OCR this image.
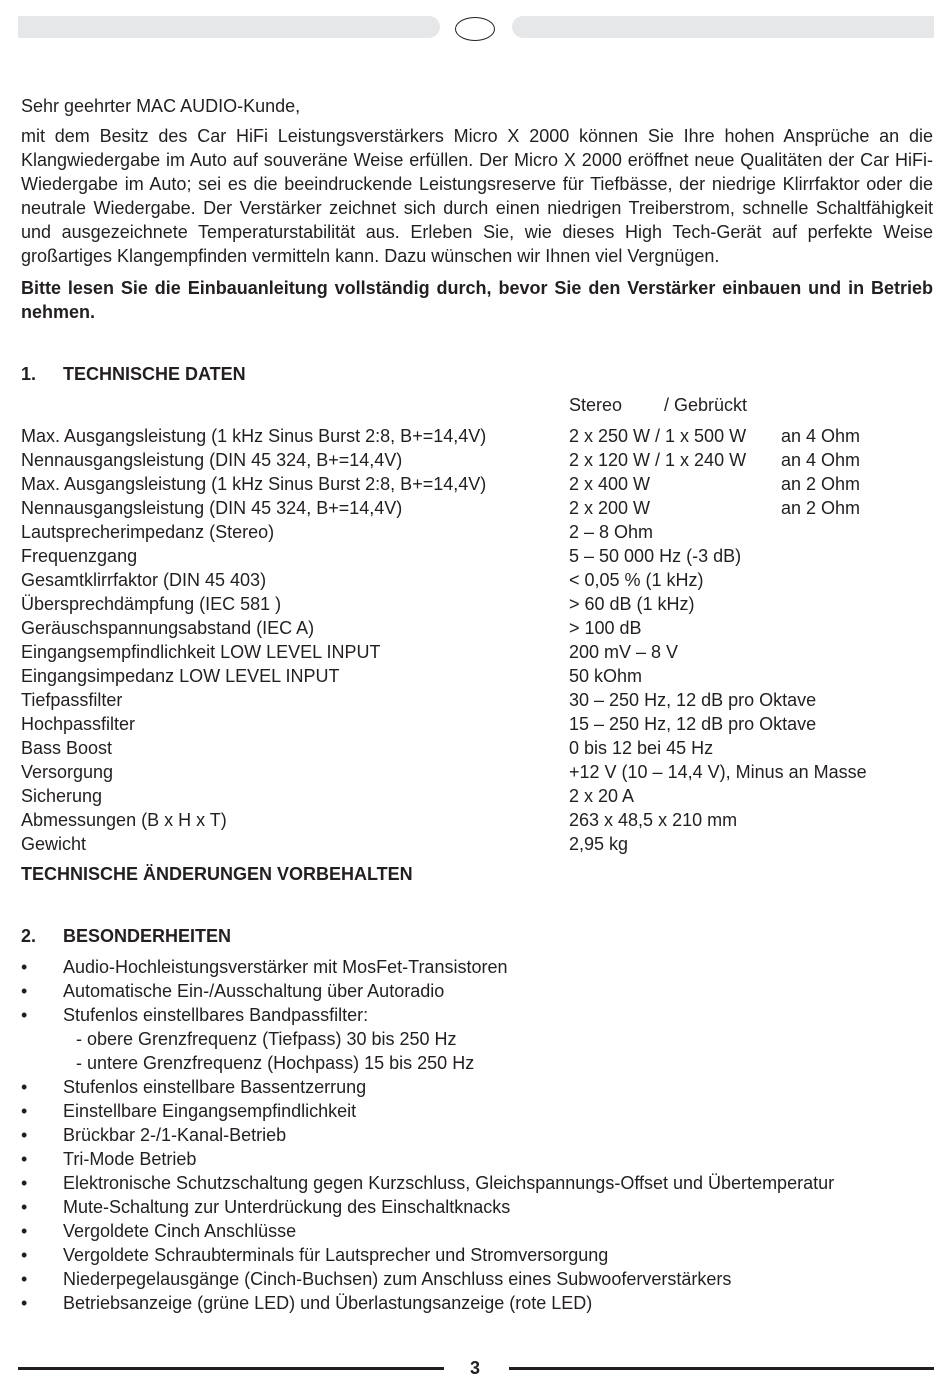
Sehr geehrter MAC AUDIO-Kunde,

mit dem Besitz des Car HiFi Leistungsverstärkers Micro X 2000 können Sie Ihre hohen Ansprüche an die Klangwiedergabe im Auto auf souveräne Weise erfüllen. Der Micro X 2000 eröffnet neue Qualitäten der Car HiFi-Wiedergabe im Auto; sei es die beeindruckende Leistungsreserve für Tiefbässe, der niedrige Klirrfaktor oder die neutrale Wiedergabe. Der Verstärker zeichnet sich durch einen niedrigen Treiberstrom, schnelle Schaltfähigkeit und ausgezeichnete Temperaturstabilität aus. Erleben Sie, wie dieses High Tech-Gerät auf perfekte Weise großartiges Klangempfinden vermitteln kann. Dazu wünschen wir Ihnen viel Vergnügen.

Bitte lesen Sie die Einbauanleitung vollständig durch, bevor Sie den Verstärker einbauen und in Betrieb nehmen.

1.	TECHNISCHE DATEN
Stereo	/ Gebrückt
Max. Ausgangsleistung (1 kHz Sinus Burst 2:8, B+=14,4V)	2 x 250 W / 1 x 500 W	an 4 Ohm
Nennausgangsleistung (DIN 45 324, B+=14,4V)	2 x 120 W / 1 x 240 W	an 4 Ohm
Max. Ausgangsleistung (1 kHz Sinus Burst 2:8, B+=14,4V)	2 x 400 W	an 2 Ohm
Nennausgangsleistung (DIN 45 324, B+=14,4V)	2 x 200 W	an 2 Ohm
Lautsprecherimpedanz (Stereo)	2 – 8 Ohm
Frequenzgang	5 – 50 000 Hz (-3 dB)
Gesamtklirrfaktor (DIN 45 403)	< 0,05 % (1 kHz)
Übersprechdämpfung (IEC 581 )	> 60 dB (1 kHz)
Geräuschspannungsabstand (IEC A)	> 100 dB
Eingangsempfindlichkeit LOW LEVEL INPUT	200 mV – 8 V
Eingangsimpedanz LOW LEVEL INPUT	50 kOhm
Tiefpassfilter	30 – 250 Hz, 12 dB pro Oktave
Hochpassfilter	15 – 250 Hz, 12 dB pro Oktave
Bass Boost	0 bis 12 bei 45 Hz
Versorgung	+12 V (10 – 14,4 V), Minus an Masse
Sicherung	2 x 20 A
Abmessungen (B x H x T)	263 x 48,5 x 210 mm
Gewicht	2,95 kg
TECHNISCHE ÄNDERUNGEN VORBEHALTEN
2.	BESONDERHEITEN
•	Audio-Hochleistungsverstärker mit MosFet-Transistoren
•	Automatische Ein-/Ausschaltung über Autoradio
•	Stufenlos einstellbares Bandpassfilter:
- obere Grenzfrequenz (Tiefpass) 30 bis 250 Hz
- untere Grenzfrequenz (Hochpass) 15 bis 250 Hz
•	Stufenlos einstellbare Bassentzerrung
•	Einstellbare Eingangsempfindlichkeit
•	Brückbar 2-/1-Kanal-Betrieb
•	Tri-Mode Betrieb
•	Elektronische Schutzschaltung gegen Kurzschluss, Gleichspannungs-Offset und Übertemperatur
•	Mute-Schaltung zur Unterdrückung des Einschaltknacks
•	Vergoldete Cinch Anschlüsse
•	Vergoldete Schraubterminals für Lautsprecher und Stromversorgung
•	Niederpegelausgänge (Cinch-Buchsen) zum Anschluss eines Subwooferverstärkers
•	Betriebsanzeige (grüne LED) und Überlastungsanzeige (rote LED)
3
